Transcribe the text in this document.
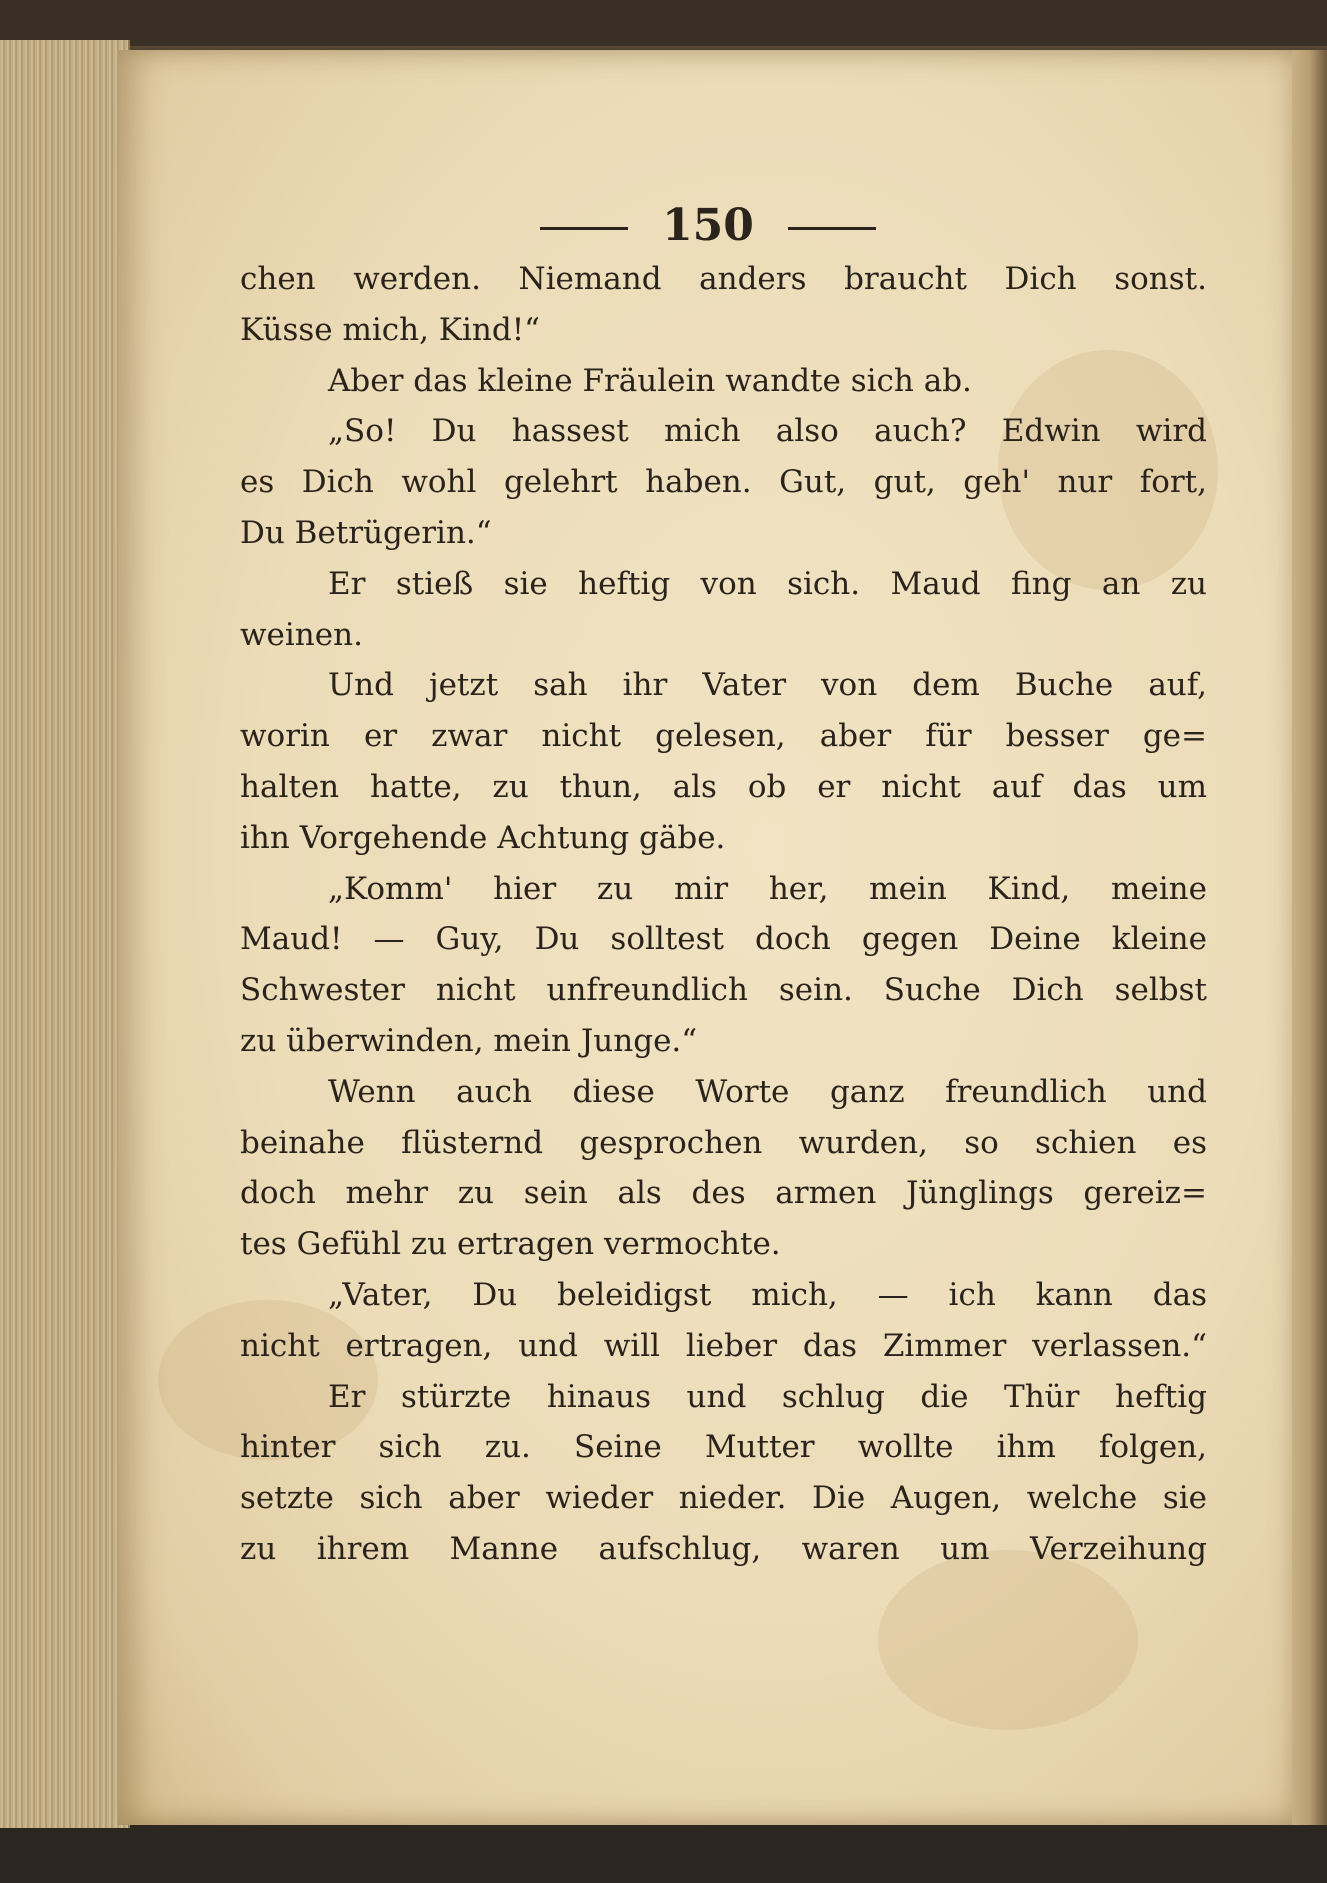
150
chen werden. Niemand anders braucht Dich sonst.
Küsse mich, Kind!“
Aber das kleine Fräulein wandte sich ab.
„So! Du hassest mich also auch? Edwin wird
es Dich wohl gelehrt haben. Gut, gut, geh' nur fort,
Du Betrügerin.“
Er stieß sie heftig von sich. Maud fing an zu
weinen.
Und jetzt sah ihr Vater von dem Buche auf,
worin er zwar nicht gelesen, aber für besser ge=
halten hatte, zu thun, als ob er nicht auf das um
ihn Vorgehende Achtung gäbe.
„Komm' hier zu mir her, mein Kind, meine
Maud! — Guy, Du solltest doch gegen Deine kleine
Schwester nicht unfreundlich sein. Suche Dich selbst
zu überwinden, mein Junge.“
Wenn auch diese Worte ganz freundlich und
beinahe flüsternd gesprochen wurden, so schien es
doch mehr zu sein als des armen Jünglings gereiz=
tes Gefühl zu ertragen vermochte.
„Vater, Du beleidigst mich, — ich kann das
nicht ertragen, und will lieber das Zimmer verlassen.“
Er stürzte hinaus und schlug die Thür heftig
hinter sich zu. Seine Mutter wollte ihm folgen,
setzte sich aber wieder nieder. Die Augen, welche sie
zu ihrem Manne aufschlug, waren um Verzeihung
